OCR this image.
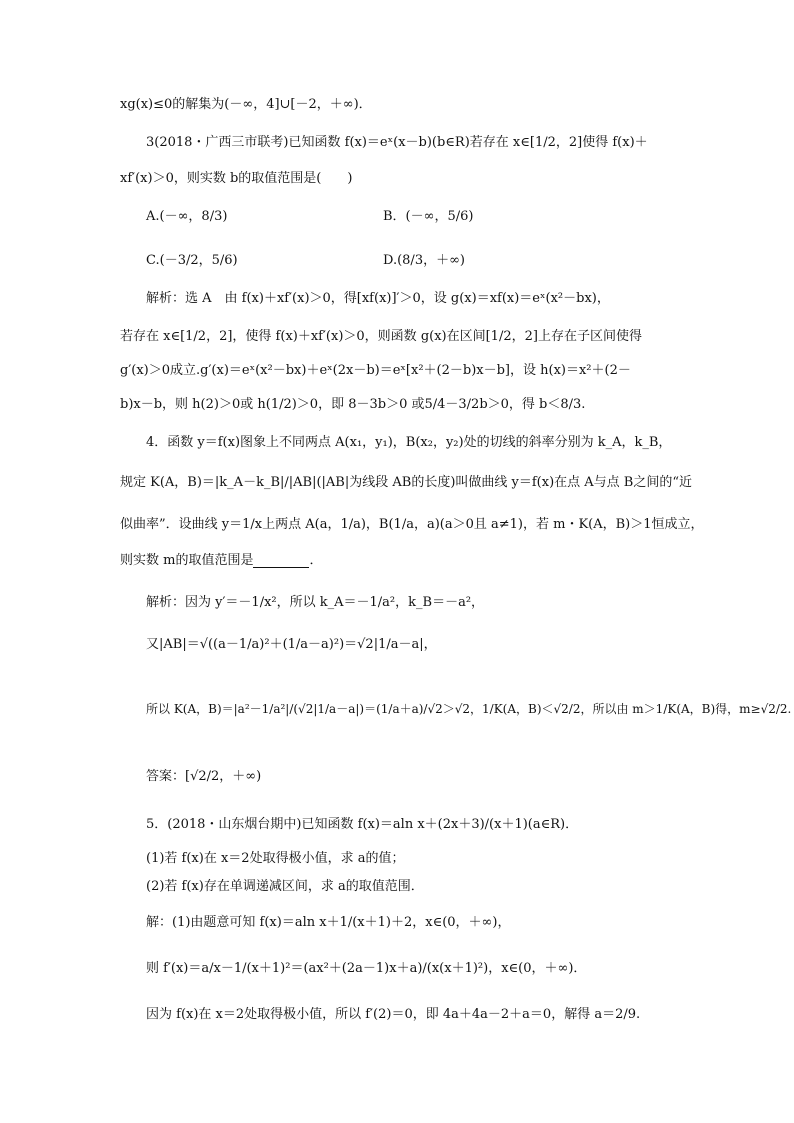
xg(x)≤0的解集为(－∞，4]∪[－2，＋∞)．
3(2018・广西三市联考)已知函数 f(x)＝eˣ(x－b)(b∈R)若存在 x∈[1/2，2]使得 f(x)＋
xf′(x)＞0，则实数 b的取值范围是(　　)
A.(－∞，8/3)	B．(－∞，5/6)
C.(－3/2，5/6)	D.(8/3，＋∞)
解析：选 A　由 f(x)＋xf′(x)＞0，得[xf(x)]′＞0，设 g(x)＝xf(x)＝eˣ(x²－bx)，
若存在 x∈[1/2，2]，使得 f(x)＋xf′(x)＞0，则函数 g(x)在区间[1/2，2]上存在子区间使得
g′(x)＞0成立.g′(x)＝eˣ(x²－bx)＋eˣ(2x－b)＝eˣ[x²＋(2－b)x－b]，设 h(x)＝x²＋(2－
b)x－b，则 h(2)＞0或 h(1/2)＞0，即 8－3b＞0 或5/4－3/2b＞0，得 b＜8/3.
4．函数 y＝f(x)图象上不同两点 A(x₁，y₁)，B(x₂，y₂)处的切线的斜率分别为 k_A，k_B，
规定 K(A，B)＝|k_A－k_B|/|AB|(|AB|为线段 AB的长度)叫做曲线 y＝f(x)在点 A与点 B之间的“近
似曲率”．设曲线 y＝1/x上两点 A(a，1/a)，B(1/a，a)(a＞0且 a≠1)，若 m・K(A，B)＞1恒成立，
则实数 m的取值范围是	．
解析：因为 y′＝－1/x²，所以 k_A＝－1/a²，k_B＝－a²，
又|AB|＝√((a－1/a)²＋(1/a－a)²)＝√2|1/a－a|，
所以 K(A，B)＝|a²－1/a²|/(√2|1/a－a|)＝(1/a＋a)/√2＞√2，1/K(A，B)＜√2/2，所以由 m＞1/K(A，B)得，m≥√2/2.
答案：[√2/2，＋∞)
5．(2018・山东烟台期中)已知函数 f(x)＝aln x＋(2x＋3)/(x＋1)(a∈R)．
(1)若 f(x)在 x＝2处取得极小值，求 a的值；
(2)若 f(x)存在单调递减区间，求 a的取值范围．
解：(1)由题意可知 f(x)＝aln x＋1/(x＋1)＋2，x∈(0，＋∞)，
则 f′(x)＝a/x－1/(x＋1)²＝(ax²＋(2a－1)x＋a)/(x(x＋1)²)，x∈(0，＋∞)．
因为 f(x)在 x＝2处取得极小值，所以 f′(2)＝0，即 4a＋4a－2＋a＝0，解得 a＝2/9.
